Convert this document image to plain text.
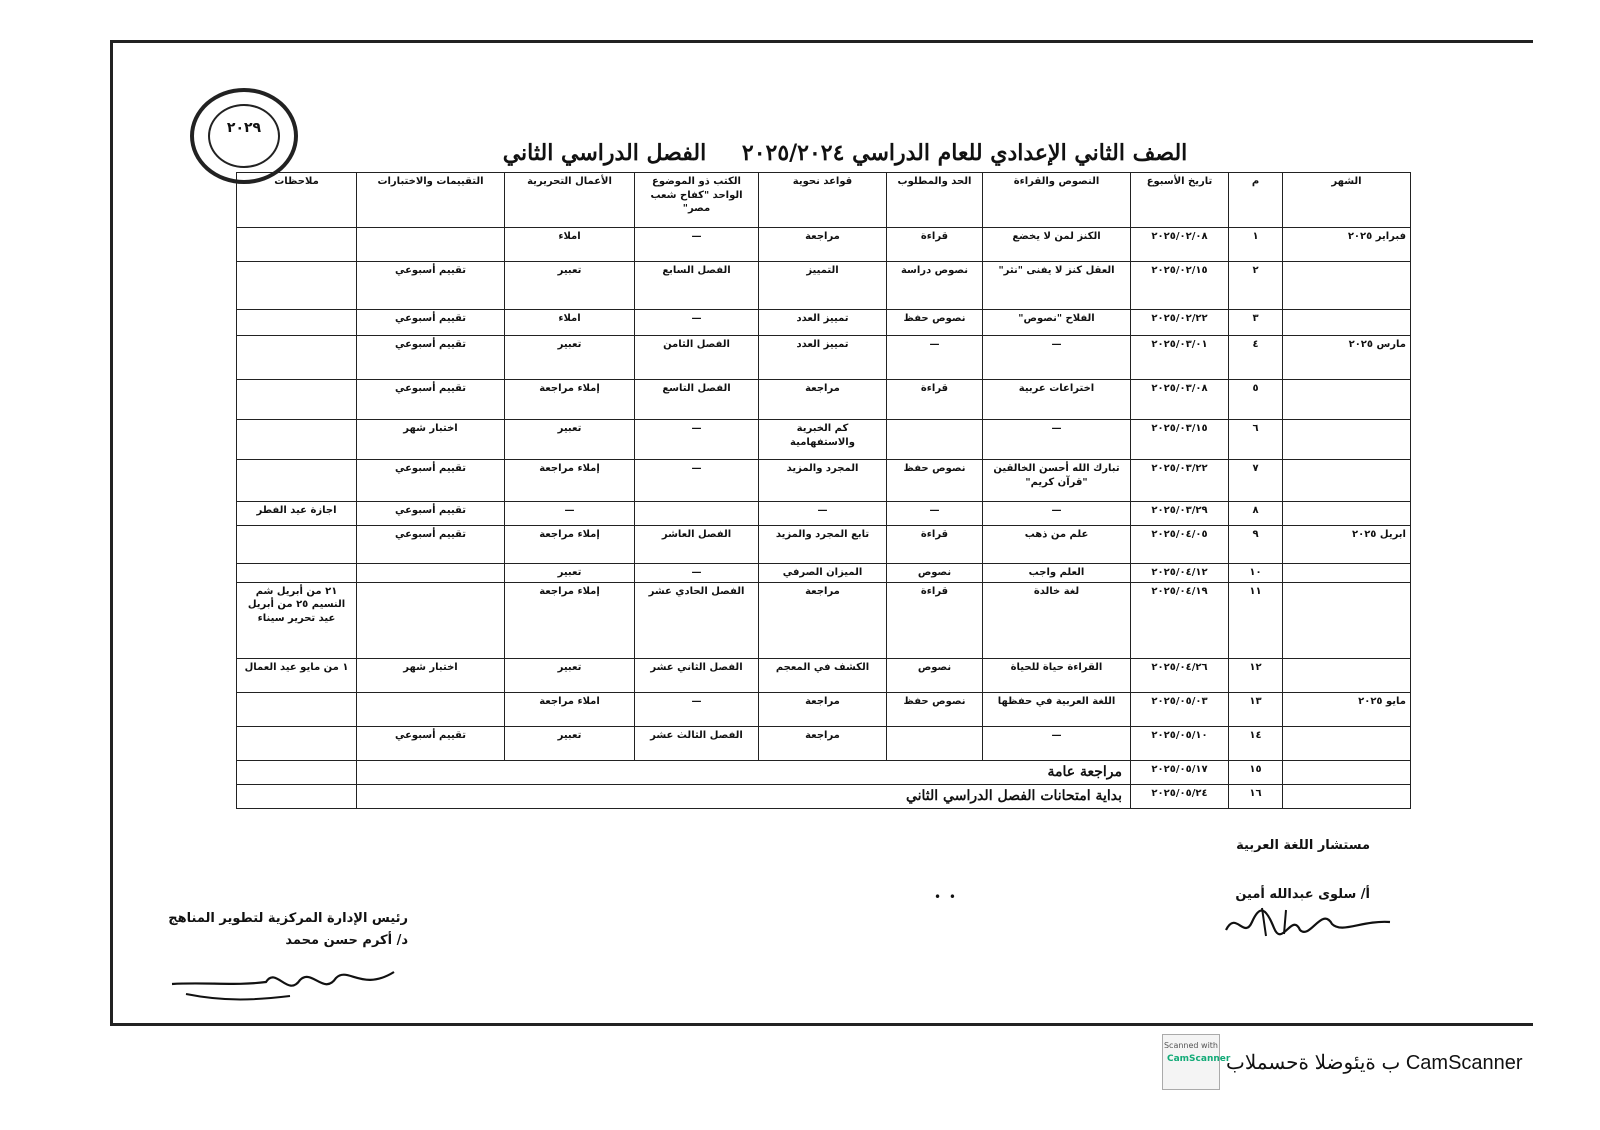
٢٠٢٩
الصف الثاني الإعدادي للعام الدراسي ٢٠٢٥/٢٠٢٤ الفصل الدراسي الثاني
الشهر	م	تاريخ الأسبوع	النصوص والقراءة	الحد والمطلوب	قواعد نحوية	الكتب ذو الموضوع الواحد "كفاح شعب مصر"	الأعمال التحريرية	التقييمات والاختبارات	ملاحظات
فبراير ٢٠٢٥	١	٢٠٢٥/٠٢/٠٨	الكنز لمن لا يخضع	قراءة	مراجعة	—	املاء		
	٢	٢٠٢٥/٠٢/١٥	العقل كنز لا يفنى "نثر"	نصوص دراسة	التمييز	الفصل السابع	تعبير	تقييم أسبوعي	
	٣	٢٠٢٥/٠٢/٢٢	الفلاح "نصوص"	نصوص حفظ	تمييز العدد	—	املاء	تقييم أسبوعي	
مارس ٢٠٢٥	٤	٢٠٢٥/٠٣/٠١	—	—	تمييز العدد	الفصل الثامن	تعبير	تقييم أسبوعي	
	٥	٢٠٢٥/٠٣/٠٨	اختراعات عربية	قراءة	مراجعة	الفصل التاسع	إملاء مراجعة	تقييم أسبوعي	
	٦	٢٠٢٥/٠٣/١٥	—		كم الخبرية والاستفهامية	—	تعبير	اختبار شهر	
	٧	٢٠٢٥/٠٣/٢٢	تبارك الله أحسن الخالقين "قرآن كريم"	نصوص حفظ	المجرد والمزيد	—	إملاء مراجعة	تقييم أسبوعي	
	٨	٢٠٢٥/٠٣/٢٩	—	—	—		—	تقييم أسبوعي	اجازة عيد الفطر
ابريل ٢٠٢٥	٩	٢٠٢٥/٠٤/٠٥	علم من ذهب	قراءة	تابع المجرد والمزيد	الفصل العاشر	إملاء مراجعة	تقييم أسبوعي	
	١٠	٢٠٢٥/٠٤/١٢	العلم واجب	نصوص	الميزان الصرفي	—	تعبير		
	١١	٢٠٢٥/٠٤/١٩	لغة خالدة	قراءة	مراجعة	الفصل الحادي عشر	إملاء مراجعة		٢١ من أبريل شم النسيم ٢٥ من أبريل عيد تحرير سيناء
	١٢	٢٠٢٥/٠٤/٢٦	القراءة حياة للحياة	نصوص	الكشف في المعجم	الفصل الثاني عشر	تعبير	اختبار شهر	١ من مايو عيد العمال
مايو ٢٠٢٥	١٣	٢٠٢٥/٠٥/٠٣	اللغة العربية في حفظها	نصوص حفظ	مراجعة	—	املاء مراجعة		
	١٤	٢٠٢٥/٠٥/١٠	—		مراجعة	الفصل الثالث عشر	تعبير	تقييم أسبوعي	
	١٥	٢٠٢٥/٠٥/١٧	مراجعة عامة						
	١٦	٢٠٢٥/٠٥/٢٤	بداية امتحانات الفصل الدراسي الثاني						
مستشار اللغة العربية
أ/ سلوى عبدالله أمين
رئيس الإدارة المركزية لتطوير المناهج
د/ أكرم حسن محمد
• •
Scanned with
CamScanner
CamScanner ب ةيئوضلا ةحسملاب
